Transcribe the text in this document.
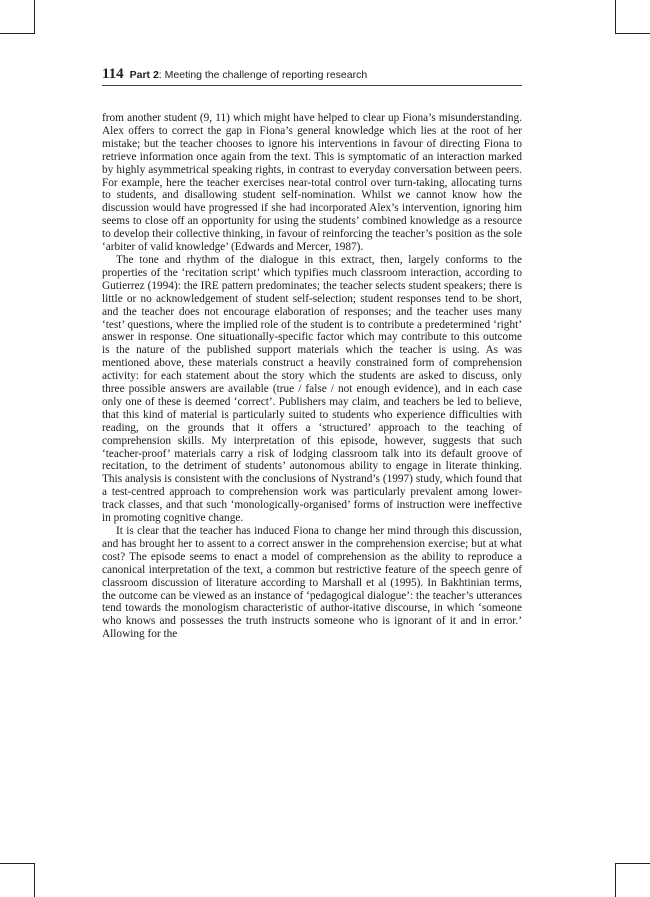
114 Part 2: Meeting the challenge of reporting research

from another student (9, 11) which might have helped to clear up Fiona’s misunderstanding. Alex offers to correct the gap in Fiona’s general knowledge which lies at the root of her mistake; but the teacher chooses to ignore his interventions in favour of directing Fiona to retrieve information once again from the text. This is symptomatic of an interaction marked by highly asymmetrical speaking rights, in contrast to everyday conversation between peers. For example, here the teacher exercises near-total control over turn-taking, allocating turns to students, and disallowing student self-nomination. Whilst we cannot know how the discussion would have progressed if she had incorporated Alex’s intervention, ignoring him seems to close off an opportunity for using the students’ combined knowledge as a resource to develop their collective thinking, in favour of reinforcing the teacher’s position as the sole ‘arbiter of valid knowledge’ (Edwards and Mercer, 1987).

The tone and rhythm of the dialogue in this extract, then, largely conforms to the properties of the ‘recitation script’ which typifies much classroom interaction, according to Gutierrez (1994): the IRE pattern predominates; the teacher selects student speakers; there is little or no acknowledgement of student self-selection; student responses tend to be short, and the teacher does not encourage elaboration of responses; and the teacher uses many ‘test’ questions, where the implied role of the student is to contribute a predetermined ‘right’ answer in response. One situationally-specific factor which may contribute to this outcome is the nature of the published support materials which the teacher is using. As was mentioned above, these materials construct a heavily constrained form of comprehension activity: for each statement about the story which the students are asked to discuss, only three possible answers are available (true / false / not enough evidence), and in each case only one of these is deemed ‘correct’. Publishers may claim, and teachers be led to believe, that this kind of material is particularly suited to students who experience difficulties with reading, on the grounds that it offers a ‘structured’ approach to the teaching of comprehension skills. My interpretation of this episode, however, suggests that such ‘teacher-proof’ materials carry a risk of lodging classroom talk into its default groove of recitation, to the detriment of students’ autonomous ability to engage in literate thinking. This analysis is consistent with the conclusions of Nystrand’s (1997) study, which found that a test-centred approach to comprehension work was particularly prevalent among lower-track classes, and that such ‘monologically-organised’ forms of instruction were ineffective in promoting cognitive change.

It is clear that the teacher has induced Fiona to change her mind through this discussion, and has brought her to assent to a correct answer in the comprehension exercise; but at what cost? The episode seems to enact a model of comprehension as the ability to reproduce a canonical interpretation of the text, a common but restrictive feature of the speech genre of classroom discussion of literature according to Marshall et al (1995). In Bakhtinian terms, the outcome can be viewed as an instance of ‘pedagogical dialogue’: the teacher’s utterances tend towards the monologism characteristic of author-itative discourse, in which ‘someone who knows and possesses the truth instructs someone who is ignorant of it and in error.’ Allowing for the
